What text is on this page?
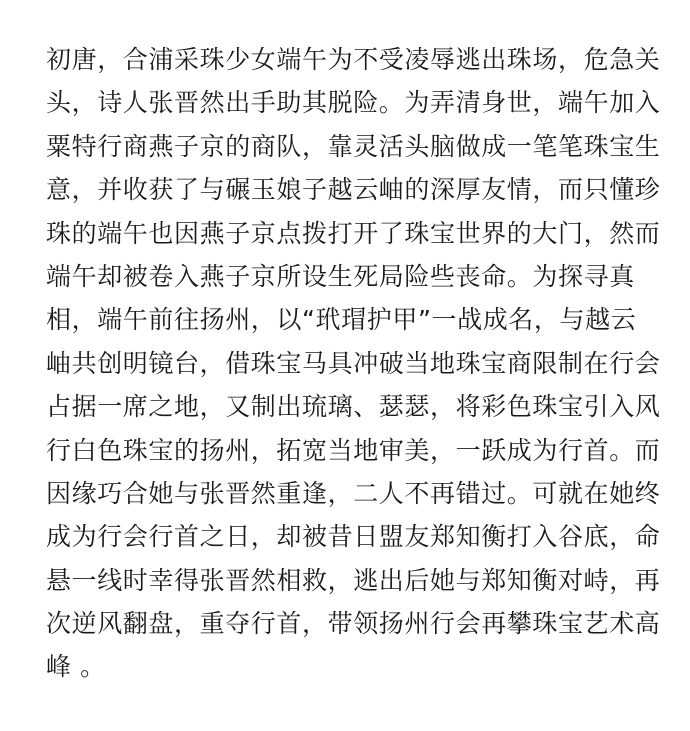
初唐，合浦采珠少女端午为不受凌辱逃出珠场，危急关
头，诗人张晋然出手助其脱险。为弄清身世，端午加入
粟特行商燕子京的商队，靠灵活头脑做成一笔笔珠宝生
意，并收获了与碾玉娘子越云岫的深厚友情，而只懂珍
珠的端午也因燕子京点拨打开了珠宝世界的大门，然而
端午却被卷入燕子京所设生死局险些丧命。为探寻真
相，端午前往扬州，以“玳瑁护甲”一战成名，与越云
岫共创明镜台，借珠宝马具冲破当地珠宝商限制在行会
占据一席之地，又制出琉璃、瑟瑟，将彩色珠宝引入风
行白色珠宝的扬州，拓宽当地审美，一跃成为行首。而
因缘巧合她与张晋然重逢，二人不再错过。可就在她终
成为行会行首之日，却被昔日盟友郑知衡打入谷底，命
悬一线时幸得张晋然相救，逃出后她与郑知衡对峙，再
次逆风翻盘，重夺行首，带领扬州行会再攀珠宝艺术高
峰 。
